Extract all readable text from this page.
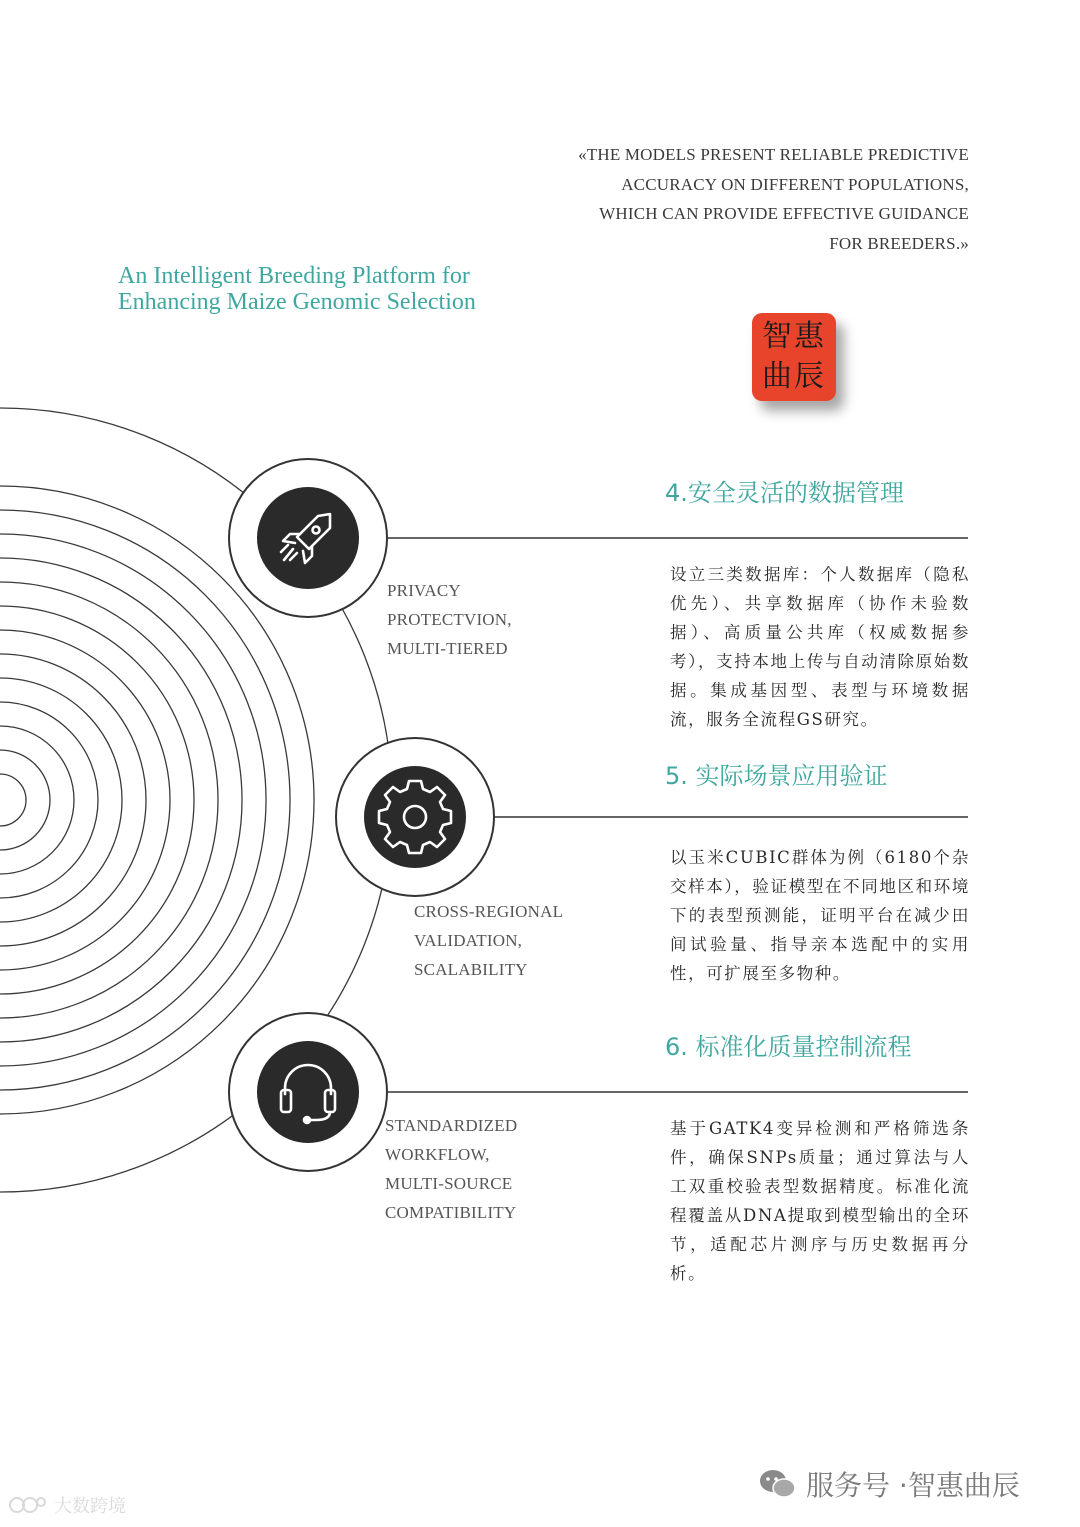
«THE MODELS PRESENT RELIABLE PREDICTIVE
ACCURACY ON DIFFERENT POPULATIONS,
WHICH CAN PROVIDE EFFECTIVE GUIDANCE
FOR BREEDERS.»
An Intelligent Breeding Platform for
Enhancing Maize Genomic Selection
智惠
曲辰
PRIVACY
PROTECTVION,
MULTI-TIERED
4.安全灵活的数据管理
设立三类数据库：个人数据库（隐私优先）、共享数据库（协作未验数据）、高质量公共库（权威数据参考），支持本地上传与自动清除原始数据。集成基因型、表型与环境数据流，服务全流程GS研究。
CROSS-REGIONAL
VALIDATION,
SCALABILITY
5. 实际场景应用验证
以玉米CUBIC群体为例（6180个杂交样本），验证模型在不同地区和环境下的表型预测能，证明平台在减少田间试验量、指导亲本选配中的实用性，可扩展至多物种。
STANDARDIZED
WORKFLOW,
MULTI-SOURCE
COMPATIBILITY
6. 标准化质量控制流程
基于GATK4变异检测和严格筛选条件，确保SNPs质量；通过算法与人工双重校验表型数据精度。标准化流程覆盖从DNA提取到模型输出的全环节，适配芯片测序与历史数据再分析。
服务号 · 智惠曲辰
大数跨境
